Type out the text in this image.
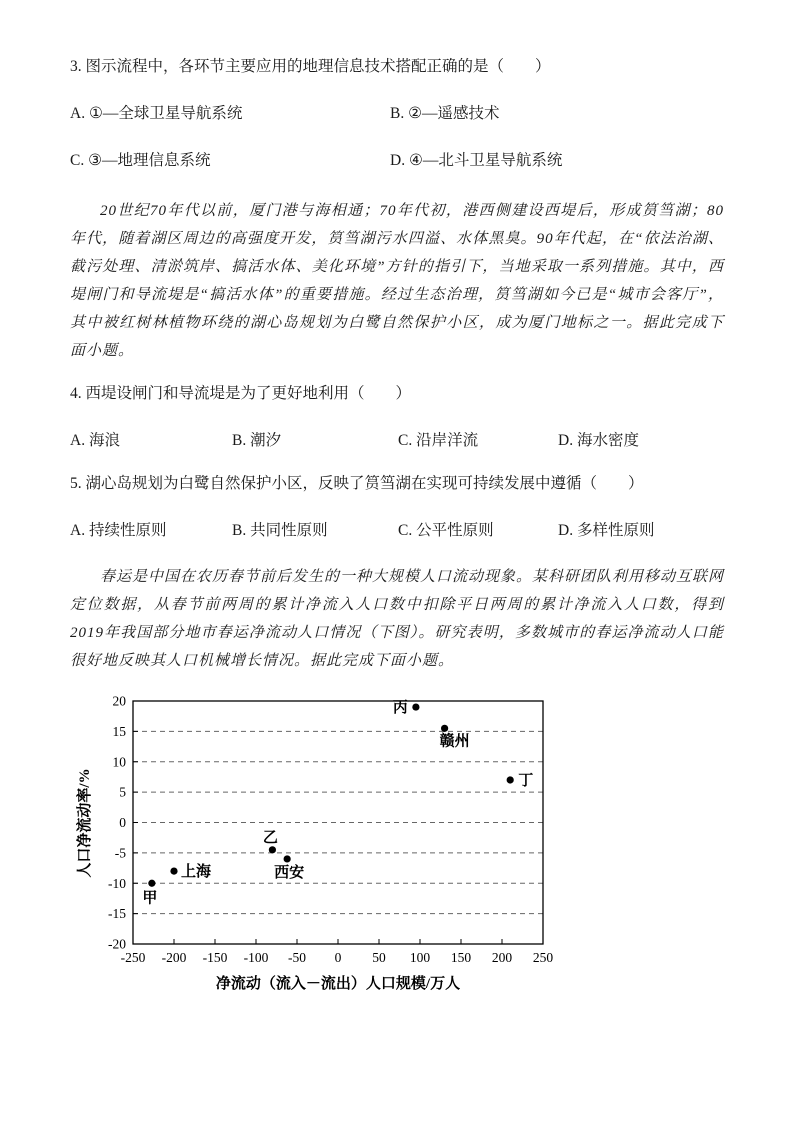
3. 图示流程中，各环节主要应用的地理信息技术搭配正确的是（　　）

A. ①—全球卫星导航系统	B. ②—遥感技术
C. ③—地理信息系统	D. ④—北斗卫星导航系统

20世纪70年代以前，厦门港与海相通；70年代初，港西侧建设西堤后，形成筼筜湖；80年代，随着湖区周边的高强度开发，筼筜湖污水四溢、水体黑臭。90年代起，在“依法治湖、截污处理、清淤筑岸、搞活水体、美化环境”方针的指引下，当地采取一系列措施。其中，西堤闸门和导流堤是“搞活水体”的重要措施。经过生态治理，筼筜湖如今已是“城市会客厅”，其中被红树林植物环绕的湖心岛规划为白鹭自然保护小区，成为厦门地标之一。据此完成下面小题。

4. 西堤设闸门和导流堤是为了更好地利用（　　）

A. 海浪	B. 潮汐	C. 沿岸洋流	D. 海水密度

5. 湖心岛规划为白鹭自然保护小区，反映了筼筜湖在实现可持续发展中遵循（　　）

A. 持续性原则	B. 共同性原则	C. 公平性原则	D. 多样性原则

春运是中国在农历春节前后发生的一种大规模人口流动现象。某科研团队利用移动互联网定位数据，从春节前两周的累计净流入人口数中扣除平日两周的累计净流入人口数，得到2019年我国部分地市春运净流动人口情况（下图）。研究表明，多数城市的春运净流动人口能很好地反映其人口机械增长情况。据此完成下面小题。

人口净流动率/%
-250 -200 -150 -100 -50 0 50 100 150 200 250
20
15
10
5
0
-5
-10
-15
-20
甲
上海
乙
西安
丙
赣州
丁
净流动（流入－流出）人口规模/万人
